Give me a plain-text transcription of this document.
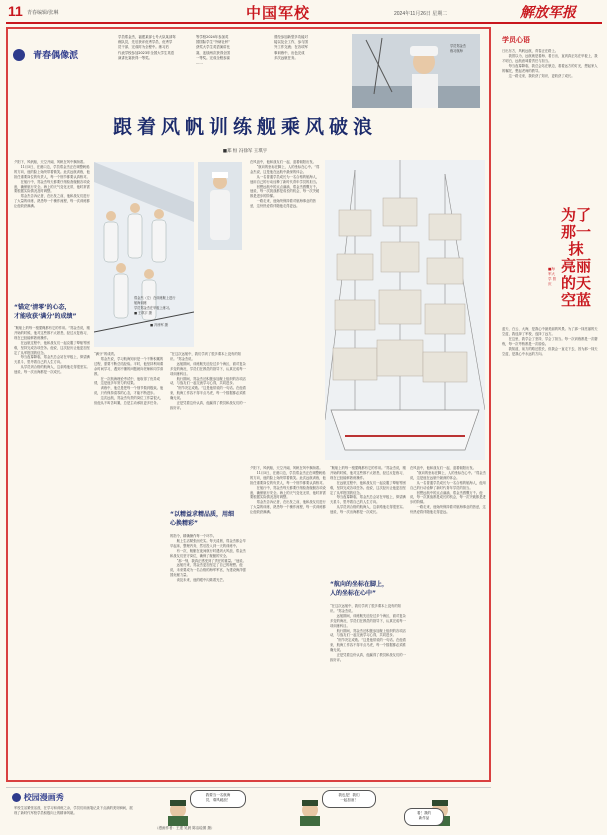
11 青春编辑/张琳	中国军校	2024年11月26日 星期二	解放军报
青春偶像派
学员郑金杰，福建某部七号大队某部驾
练队员，先后获评优秀学员、优秀学
员干部、完成时为全程中。练习后
代表学校参加2023年全国大学生英语
演讲比赛获得一等奖。
等学校2024年参加英
国国际学生“外研社杯”
获奖大学生英语演讲比
赛，连续两次获得全国
一等奖。完成全程参赛
……
曾经参加新型多功能对
接以及全工作，参与国
外工作交流；在各项军
事训练中，出色完成
多次远航任务。
学员郑金杰
练习航海
跟着风帆训练舰乘风破浪
■郑 恒 冯徐军 王琪宇
夕阳下，风帆船，天空开阔，风帆在风中飘扬着。
　　11月5日，在港口边，学员郑金杰正在调整帆船的方向，他的脸上始终带着微笑。此次远航训练，他担任重要岗位的负责人，每一个细节都要认真核对。
　　在航行中，郑金杰每天都要仔细检查舰艇各项设备，确保航行安全。海上的天气变化无常，他时常需要根据实际情况及时调整。
　　郑金杰告诉记者，在出发之前，他和战友们进行了大量的训练，熟悉每一个操作流程，每一次训练都让他收获满满。
“锚定‘清零’的心态，
才能收获‘满分’的成绩”
“舰船上的每一根缆绳都有它的作用。”郑金杰说，刚开始的时候，他对这些都不太熟悉，经过反复练习，现在已经能够熟练操作。
　　在远航过程中，他和战友们一起克服了晕船等困难，坚持完成各项任务。他说，这次经历让他更加坚定了从军报国的信念。
　　每当夜幕降临，郑金杰总会站在甲板上，仰望满天星斗，思考着自己的人生方向。
　　从学员到合格的航海人，这条路他走得很坚实。他说，每一次出海都是一次成长。
郑金杰（左）在训练舰上进行
航海训练
学员郑金杰在甲板上练习。
■ 王琪宇 摄
■ 冯徐军 摄
“满分”的成绩。
　　郑金杰说，学习航海知识是一个不断积累的过程，需要不断总结经验。平时，他坚持利用课余时间学习，遇到不懂的问题就向老师和同学请教。
　　在一次航海理论考试中，他取得了优异成绩，这是他多年努力的结果。
　　训练中，他总是把每一个细节做到极致。他说，只有保持清零的心态，才能不断进步。
　　这次远航，郑金杰负责的岗位工作量很大，但他从不叫苦叫累，总是主动承担更多任务。
“以精益求精品质，用细
心换精彩”
“在这次远航中，我们学到了很多课本上没有的知识。”郑金杰说。
　　远航期间，训练舰先后经过多个海区，面对复杂多变的海况，学员们在教员的指导下，认真完成每一项训练科目。
　　航行期间，郑金杰还积极参加舰上组织的各项活动，与战友们一起交流学习心得，共同进步。
　　“细节决定成败。”这是他常说的一句话。在他看来，航海工作容不得半点马虎，每一个数据都必须准确无误。
　　正是凭着这份认真，他赢得了教员和战友们的一致好评。
的指令，精确操作每一个环节。
　　舰上生活紧张而充实。每天清晨，郑金杰都会早早起床，整理内务，然后投入到一天的训练中。
　　有一次，舰艇在夜间航行时遇到大风浪，郑金杰和战友们坚守岗位，确保了舰艇的安全。
　　“那一刻，我真正感受到了责任的重量。”他说。
　　远航归来，郑金杰更加坚定了自己的理想。他说，未来要成为一名合格的海军军官，为建设海洋强国贡献力量。
　　谈及未来，他的眼中闪烁着光芒。
在风浪中，他和战友们一起，迎着朝阳出发。
　　“航向的坐标在脚上，人的坐标在心中。”郑金杰说，这是他在远航中最深的体会。
　　从一名普通学员成长为一名合格的航海人，他用自己的行动诠释了新时代青年学员的担当。
　　回想远航中的点点滴滴，郑金杰感慨万千。他说，每一次挑战都是成长的机会，每一次突破都是进步的阶梯。
　　一路走来，他始终保持着对航海事业的热爱，这份热爱将伴随他走得更远。
夕阳下，风帆船，天空开阔，风帆在风中飘扬着。
　　11月5日，在港口边，学员郑金杰正在调整帆船的方向，他的脸上始终带着微笑。此次远航训练，他担任重要岗位的负责人，每一个细节都要认真核对。
　　在航行中，郑金杰每天都要仔细检查舰艇各项设备，确保航行安全。海上的天气变化无常，他时常需要根据实际情况及时调整。
　　郑金杰告诉记者，在出发之前，他和战友们进行了大量的训练，熟悉每一个操作流程，每一次训练都让他收获满满。
“航向的坐标在脚上，
人的坐标在心中”
“舰船上的每一根缆绳都有它的作用。”郑金杰说，刚开始的时候，他对这些都不太熟悉，经过反复练习，现在已经能够熟练操作。
　　在远航过程中，他和战友们一起克服了晕船等困难，坚持完成各项任务。他说，这次经历让他更加坚定了从军报国的信念。
　　每当夜幕降临，郑金杰总会站在甲板上，仰望满天星斗，思考着自己的人生方向。
　　从学员到合格的航海人，这条路他走得很坚实。他说，每一次出海都是一次成长。
“在这次远航中，我们学到了很多课本上没有的知识。”郑金杰说。
　　远航期间，训练舰先后经过多个海区，面对复杂多变的海况，学员们在教员的指导下，认真完成每一项训练科目。
　　航行期间，郑金杰还积极参加舰上组织的各项活动，与战友们一起交流学习心得，共同进步。
　　“细节决定成败。”这是他常说的一句话。在他看来，航海工作容不得半点马虎，每一个数据都必须准确无误。
　　正是凭着这份认真，他赢得了教员和战友们的一致好评。
在风浪中，他和战友们一起，迎着朝阳出发。
　　“航向的坐标在脚上，人的坐标在心中。”郑金杰说，这是他在远航中最深的体会。
　　从一名普通学员成长为一名合格的航海人，他用自己的行动诠释了新时代青年学员的担当。
　　回想远航中的点点滴滴，郑金杰感慨万千。他说，每一次挑战都是成长的机会，每一次突破都是进步的阶梯。
　　一路走来，他始终保持着对航海事业的热爱，这份热爱将伴随他走得更远。
学员心语
日出东方，风帆远航，青春正在路上。
　　我曾以为，远航就是看海、看日出，直到真正站在甲板上，我才明白，远航意味着责任与担当。
　　每当夜幕降临，我总会站在舷边，看着远方的灯光，想起家人的嘱托，想起老师的教导。
　　这一路走来，我收获了知识，更收获了成长。
为了那一抹
亮丽的天空蓝
■海军大学 曾庆
蓝天、白云、大海，是我心中最美丽的风景。为了那一抹亮丽的天空蓝，我选择了军校，选择了远方。
　　在这里，我学会了坚持，学会了担当。每一次训练都是一次磨炼，每一次考核都是一次检验。
　　我知道，前方的路还很长，但我会一直走下去，因为那一抹天空蓝，是我心中永远的方向。
校园漫画秀
军校生活紧张活泼，在学习和训练之余，学员们用画笔记录下点滴的美好瞬间，展现了新时代军校学员积极向上的精神风貌。
我要当一名航海
员，乘风破浪！
我也是！我们
一起加油！
看！我的
新作品
（漫画作者：王建 吴晨 陈洁绘图 摄）
